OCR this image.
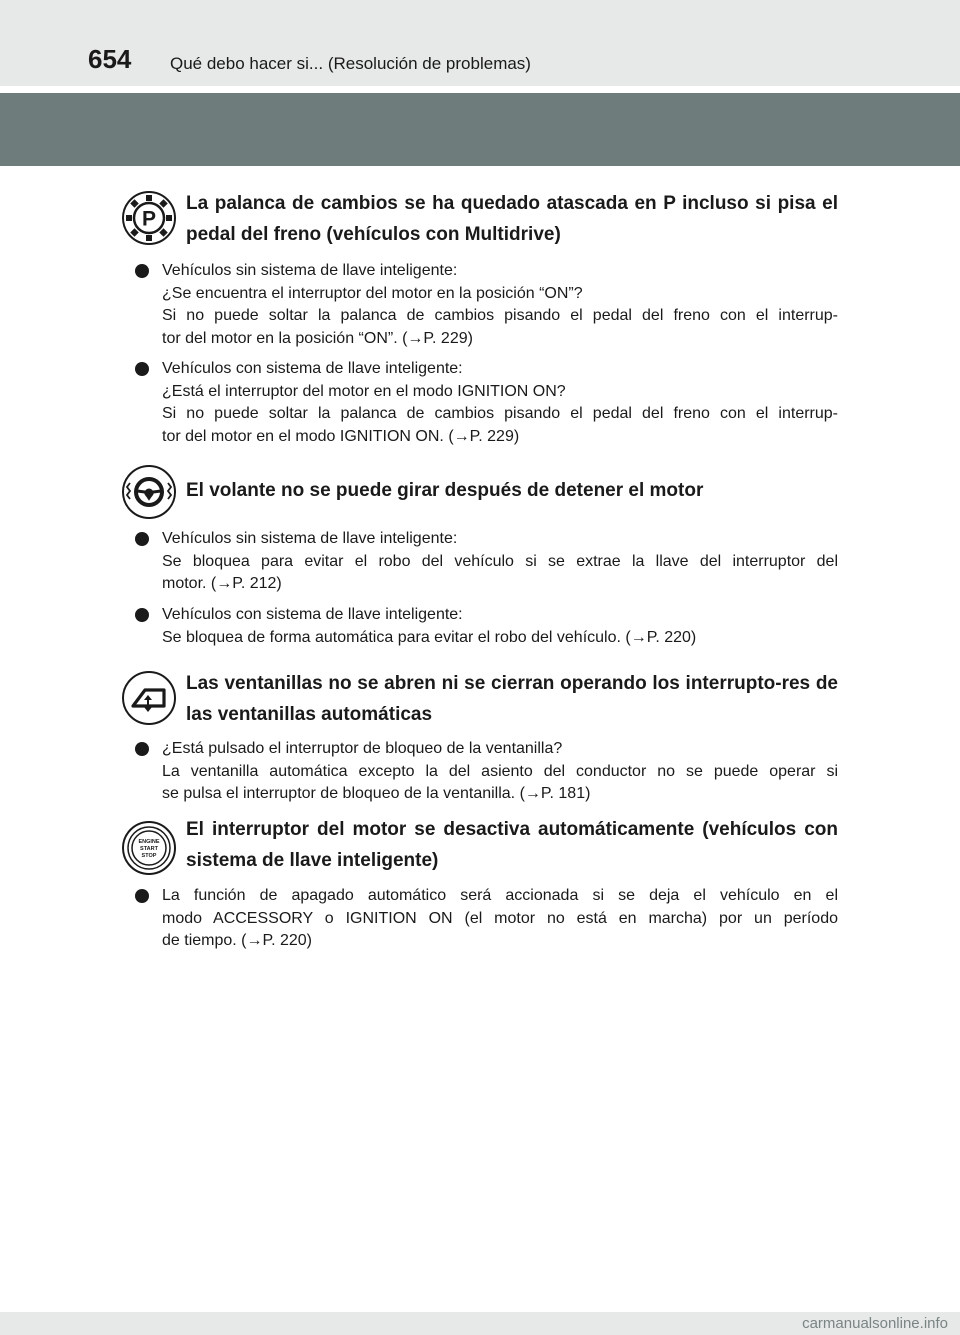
654 Qué debo hacer si... (Resolución de problemas)
P
La palanca de cambios se ha quedado atascada en P incluso si pisa el pedal del freno (vehículos con Multidrive)
Vehículos sin sistema de llave inteligente:
¿Se encuentra el interruptor del motor en la posición “ON”?
Si no puede soltar la palanca de cambios pisando el pedal del freno con el interrup-
tor del motor en la posición “ON”. (→P. 229)
Vehículos con sistema de llave inteligente:
¿Está el interruptor del motor en el modo IGNITION ON?
Si no puede soltar la palanca de cambios pisando el pedal del freno con el interrup-
tor del motor en el modo IGNITION ON. (→P. 229)
El volante no se puede girar después de detener el motor
Vehículos sin sistema de llave inteligente:
Se bloquea para evitar el robo del vehículo si se extrae la llave del interruptor del
motor. (→P. 212)
Vehículos con sistema de llave inteligente:
Se bloquea de forma automática para evitar el robo del vehículo. (→P. 220)
Las ventanillas no se abren ni se cierran operando los interrupto-res de las ventanillas automáticas
¿Está pulsado el interruptor de bloqueo de la ventanilla?
La ventanilla automática excepto la del asiento del conductor no se puede operar si
se pulsa el interruptor de bloqueo de la ventanilla. (→P. 181)
ENGINE
START
STOP
El interruptor del motor se desactiva automáticamente (vehículos con sistema de llave inteligente)
La función de apagado automático será accionada si se deja el vehículo en el
modo ACCESSORY o IGNITION ON (el motor no está en marcha) por un período
de tiempo. (→P. 220)
carmanualsonline.info
